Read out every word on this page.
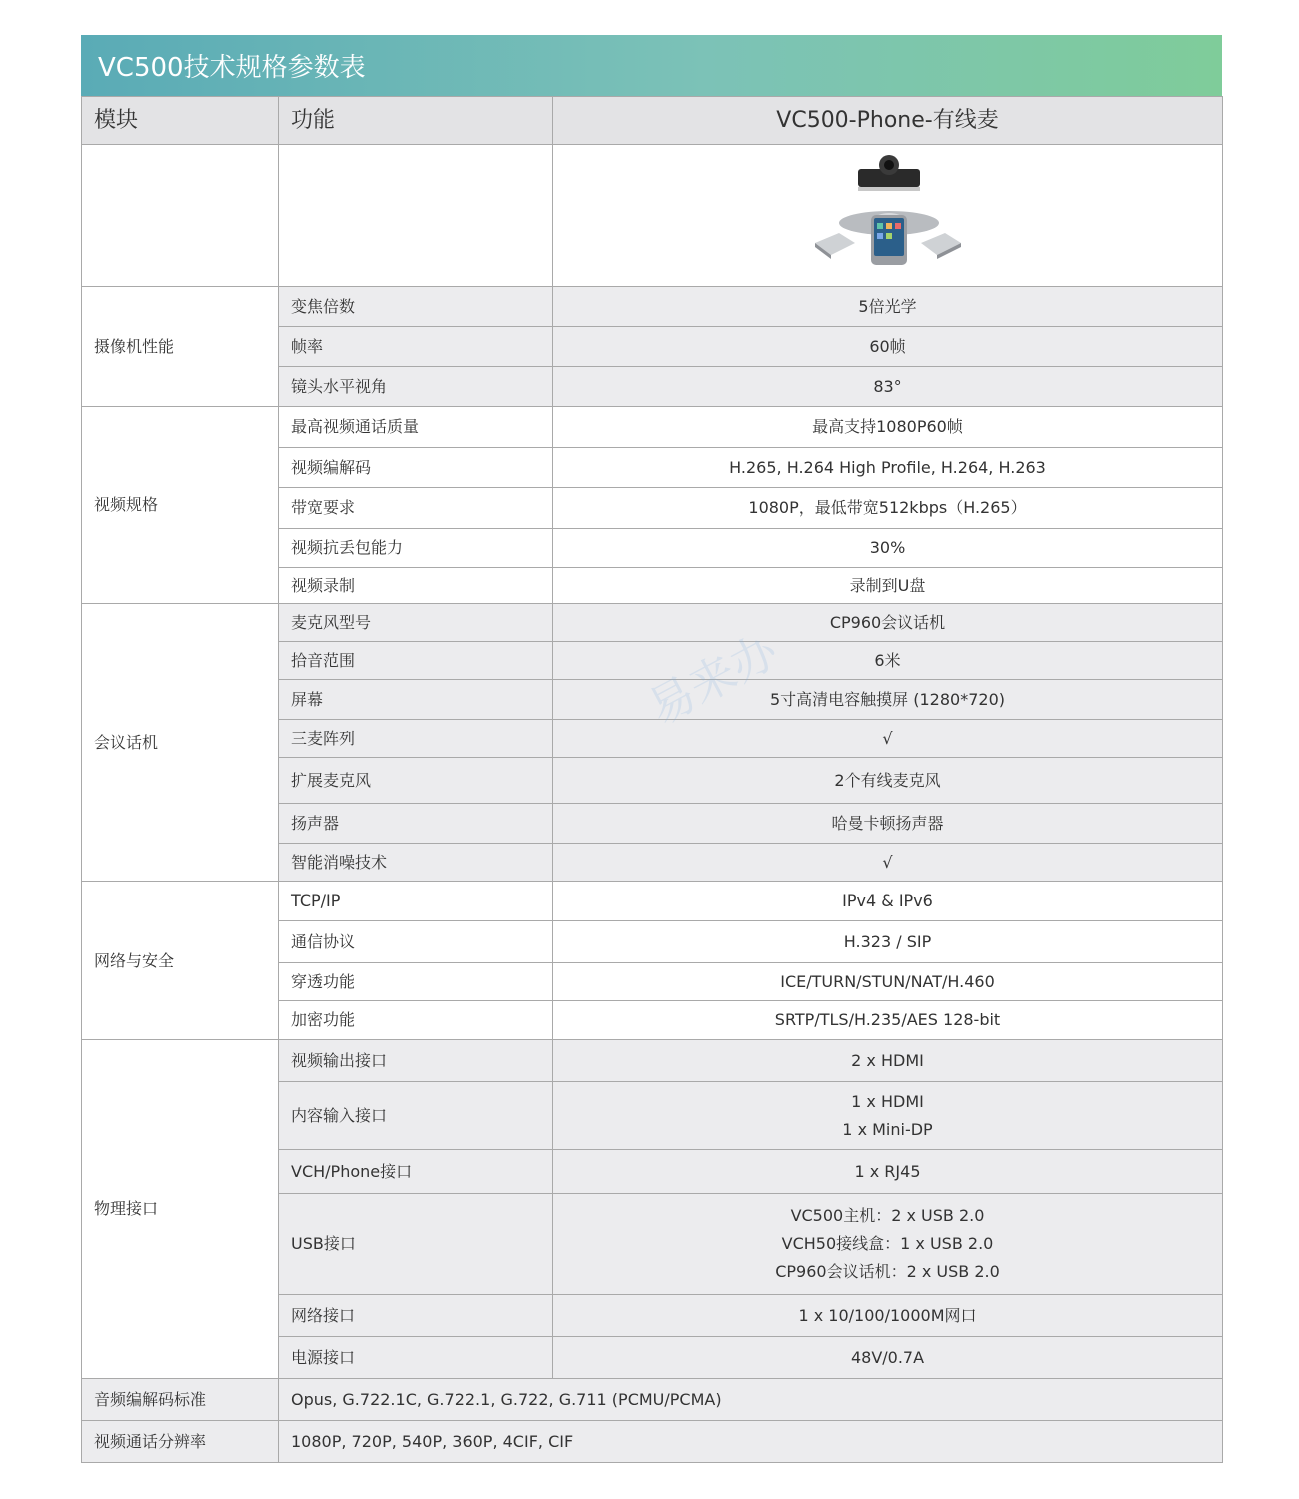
VC500技术规格参数表
模块	功能	VC500-Phone-有线麦

摄像机性能	变焦倍数	5倍光学

	帧率	60帧

	镜头水平视角	83°

视频规格	最高视频通话质量	最高支持1080P60帧

	视频编解码	H.265, H.264 High Profile, H.264, H.263

	带宽要求	1080P，最低带宽512kbps（H.265）

	视频抗丢包能力	30%

	视频录制	录制到U盘

会议话机	麦克风型号	CP960会议话机

	拾音范围	6米

	屏幕	5寸高清电容触摸屏 (1280*720)

	三麦阵列	√

	扩展麦克风	2个有线麦克风

	扬声器	哈曼卡顿扬声器

	智能消噪技术	√

网络与安全	TCP/IP	IPv4 & IPv6

	通信协议	H.323 / SIP

	穿透功能	ICE/TURN/STUN/NAT/H.460

	加密功能	SRTP/TLS/H.235/AES 128-bit

物理接口	视频输出接口	2 x HDMI

	内容输入接口	1 x HDMI
1 x Mini-DP

	VCH/Phone接口	1 x RJ45

	USB接口	VC500主机：2 x USB 2.0
VCH50接线盒：1 x USB 2.0
CP960会议话机：2 x USB 2.0

	网络接口	1 x 10/100/1000M网口

	电源接口	48V/0.7A

音频编解码标准	Opus, G.722.1C, G.722.1, G.722, G.711 (PCMU/PCMA)	
视频通话分辨率	1080P, 720P, 540P, 360P, 4CIF, CIF	
